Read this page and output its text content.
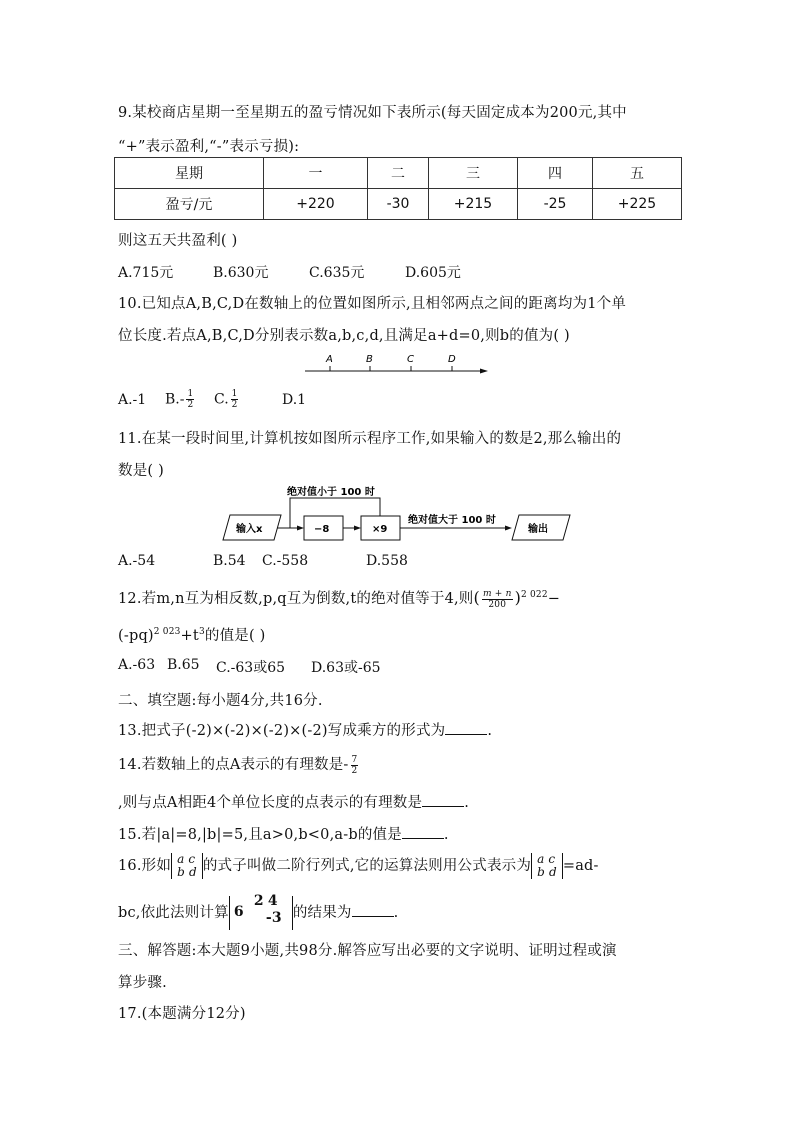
9.某校商店星期一至星期五的盈亏情况如下表所示(每天固定成本为200元,其中
“+”表示盈利,“-”表示亏损):
星期	一	二	三	四	五
盈亏/元	+220	-30	+215	-25	+225
则这五天共盈利( )
A.715元	B.630元	C.635元	D.605元
10.已知点A,B,C,D在数轴上的位置如图所示,且相邻两点之间的距离均为1个单
位长度.若点A,B,C,D分别表示数a,b,c,d,且满足a+d=0,则b的值为( )
A	B	C	D
A.-1 $B.- \frac{1}{2} C$. $\frac{1}{2}$	D.1
11.在某一段时间里,计算机按如图所示程序工作,如果输入的数是2,那么输出的
数是( )
输入x	−8	×9
绝对值小于 100 时
绝对值大于 100 时
输出
A.-54	B.54 C.-558	D.558
12.若m,n互为相反数,p,q互为倒数,t的绝对值等于4,则( $\frac{m + n}{200} )^{2 022}-$
$(-pq)^{2 023}+t^3$的值是( )
A.-63 B.65 C.-63或65 D.63或-65
二、填空题:每小题4分,共16分.
13.把式子(-2)×(-2)×(-2)×(-2)写成乘方的形式为	.
14.若数轴上的点A表示的有理数是- $\frac{7}{2}$
,则与点A相距4个单位长度的点表示的有理数是	.
15.若|a|=8,|b|=5,且a>0,b<0,a-b的值是	.
16.形如 a c
b d 的式子叫做二阶行列式,它的运算法则用公式表示为 a c
b d =ad-
bc,依此法则计算
2 4
6 -3 的结果为	.
三、解答题:本大题9小题,共98分.解答应写出必要的文字说明、证明过程或演
算步骤.
17.(本题满分12分)
